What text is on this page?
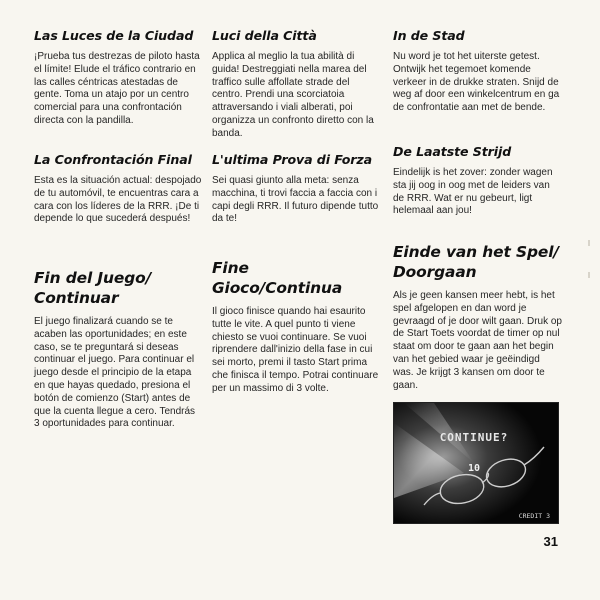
Las Luces de la Ciudad

¡Prueba tus destrezas de piloto hasta el límite! Elude el tráfico contrario en las calles céntricas atestadas de gente. Toma un atajo por un centro comercial para una confrontación directa con la pandilla.

La Confrontación Final

Esta es la situación actual: despojado de tu automóvil, te encuentras cara a cara con los líderes de la RRR. ¡De ti depende lo que sucederá después!

Fin del Juego/ Continuar

El juego finalizará cuando se te acaben las oportunidades; en este caso, se te preguntará si deseas continuar el juego. Para continuar el juego desde el principio de la etapa en que hayas quedado, presiona el botón de comienzo (Start) antes de que la cuenta llegue a cero. Tendrás 3 oportunidades para continuar.

Luci della Città

Applica al meglio la tua abilità di guida! Destreggiati nella marea del traffico sulle affollate strade del centro. Prendi una scorciatoia attraversando i viali alberati, poi organizza un confronto diretto con la banda.

L'ultima Prova di Forza

Sei quasi giunto alla meta: senza macchina, ti trovi faccia a faccia con i capi degli RRR. Il futuro dipende tutto da te!

Fine Gioco/Continua

Il gioco finisce quando hai esaurito tutte le vite. A quel punto ti viene chiesto se vuoi continuare. Se vuoi riprendere dall'inizio della fase in cui sei morto, premi il tasto Start prima che finisca il tempo. Potrai continuare per un massimo di 3 volte.

In de Stad

Nu word je tot het uiterste getest. Ontwijk het tegemoet komende verkeer in de drukke straten. Snijd de weg af door een winkelcentrum en ga de confrontatie aan met de bende.

De Laatste Strijd

Eindelijk is het zover: zonder wagen sta jij oog in oog met de leiders van de RRR. Wat er nu gebeurt, ligt helemaal aan jou!

Einde van het Spel/ Doorgaan

Als je geen kansen meer hebt, is het spel afgelopen en dan word je gevraagd of je door wilt gaan. Druk op de Start Toets voordat de timer op nul staat om door te gaan aan het begin van het gebied waar je geëindigd was. Je krijgt 3 kansen om door te gaan.

CONTINUE?
10
CREDIT 3
31
